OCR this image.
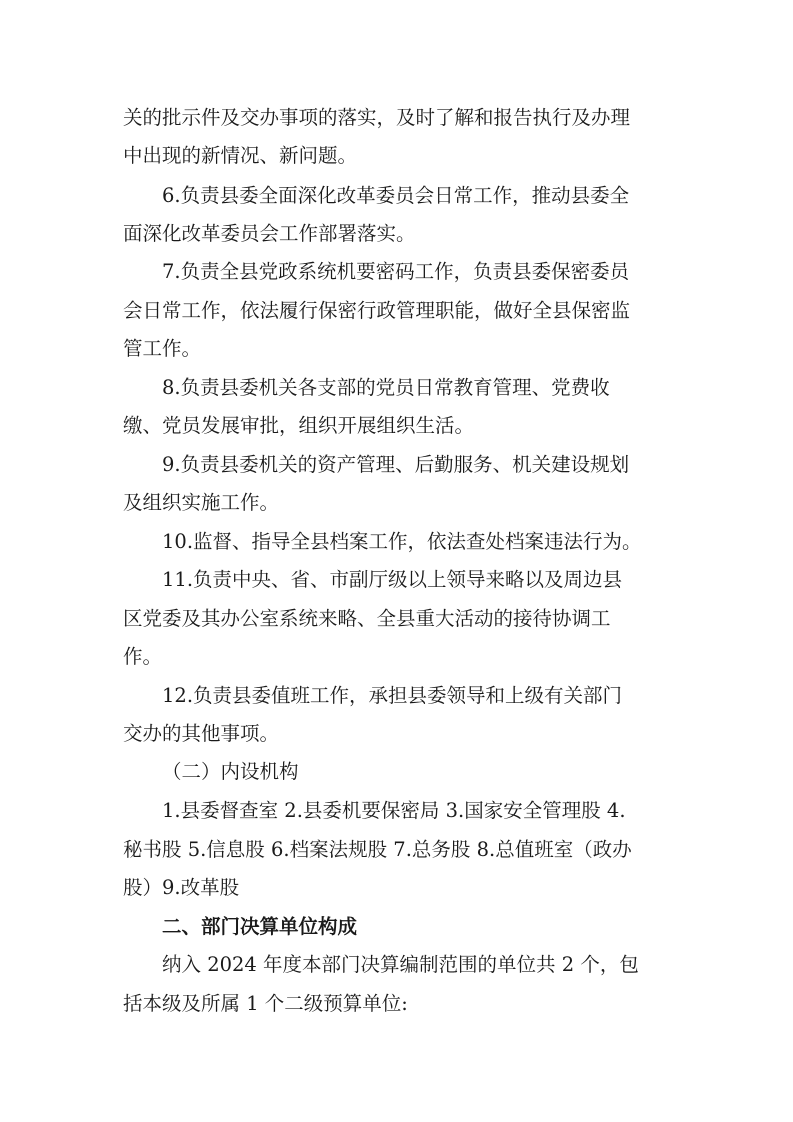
关的批示件及交办事项的落实，及时了解和报告执行及办理
中出现的新情况、新问题。
6.负责县委全面深化改革委员会日常工作，推动县委全
面深化改革委员会工作部署落实。
7.负责全县党政系统机要密码工作，负责县委保密委员
会日常工作，依法履行保密行政管理职能，做好全县保密监
管工作。
8.负责县委机关各支部的党员日常教育管理、党费收
缴、党员发展审批，组织开展组织生活。
9.负责县委机关的资产管理、后勤服务、机关建设规划
及组织实施工作。
10.监督、指导全县档案工作，依法查处档案违法行为。
11.负责中央、省、市副厅级以上领导来略以及周边县
区党委及其办公室系统来略、全县重大活动的接待协调工
作。
12.负责县委值班工作，承担县委领导和上级有关部门
交办的其他事项。
（二）内设机构
1.县委督查室 2.县委机要保密局 3.国家安全管理股 4.
秘书股 5.信息股 6.档案法规股 7.总务股 8.总值班室（政办
股）9.改革股
二、部门决算单位构成
纳入 2024 年度本部门决算编制范围的单位共 2 个，包
括本级及所属 1 个二级预算单位:
